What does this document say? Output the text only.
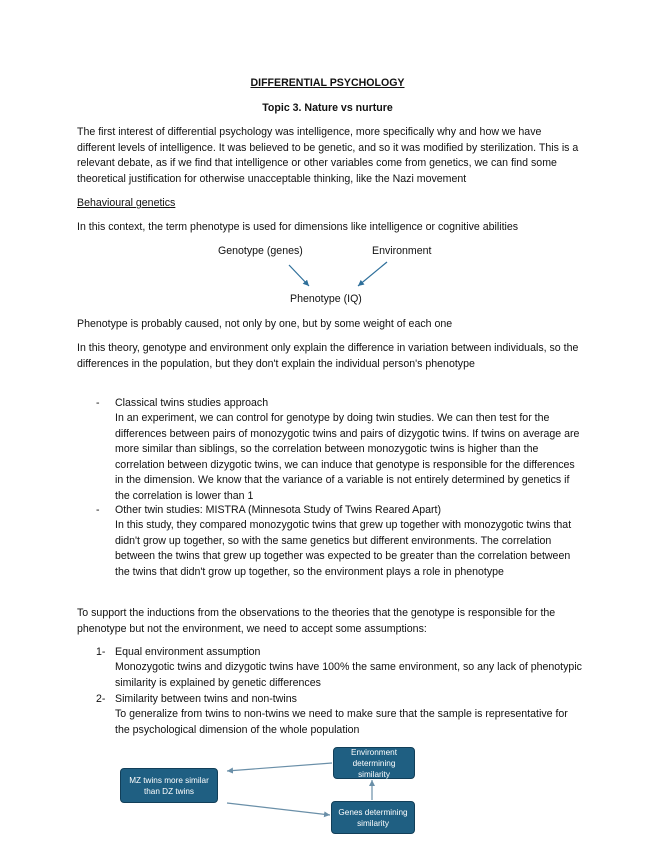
DIFFERENTIAL PSYCHOLOGY
Topic 3. Nature vs nurture
The first interest of differential psychology was intelligence, more specifically why and how we have different levels of intelligence. It was believed to be genetic, and so it was modified by sterilization. This is a relevant debate, as if we find that intelligence or other variables come from genetics, we can find some theoretical justification for otherwise unacceptable thinking, like the Nazi movement
Behavioural genetics
In this context, the term phenotype is used for dimensions like intelligence or cognitive abilities
Genotype (genes)	Environment
Phenotype (IQ)
Phenotype is probably caused, not only by one, but by some weight of each one
In this theory, genotype and environment only explain the difference in variation between individuals, so the differences in the population, but they don't explain the individual person's phenotype
- Classical twins studies approach
In an experiment, we can control for genotype by doing twin studies. We can then test for the differences between pairs of monozygotic twins and pairs of dizygotic twins. If twins on average are more similar than siblings, so the correlation between monozygotic twins is higher than the correlation between dizygotic twins, we can induce that genotype is responsible for the differences in the dimension. We know that the variance of a variable is not entirely determined by genetics if the correlation is lower than 1
- Other twin studies: MISTRA (Minnesota Study of Twins Reared Apart)
In this study, they compared monozygotic twins that grew up together with monozygotic twins that didn't grow up together, so with the same genetics but different environments. The correlation between the twins that grew up together was expected to be greater than the correlation between the twins that didn't grow up together, so the environment plays a role in phenotype
To support the inductions from the observations to the theories that the genotype is responsible for the phenotype but not the environment, we need to accept some assumptions:
1- Equal environment assumption
Monozygotic twins and dizygotic twins have 100% the same environment, so any lack of phenotypic similarity is explained by genetic differences
2- Similarity between twins and non-twins
To generalize from twins to non-twins we need to make sure that the sample is representative for the psychological dimension of the whole population
MZ twins more similar than DZ twins
Environment determining similarity
Genes determining similarity
